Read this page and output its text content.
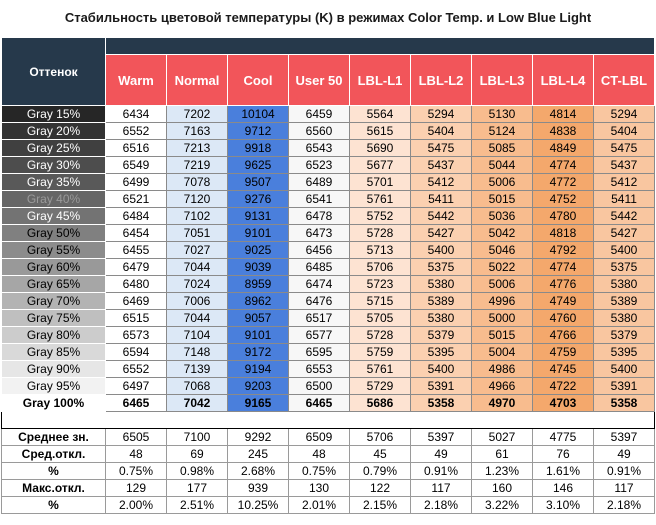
Стабильность цветовой температуры (K) в режимах Color Temp. и Low Blue Light
Оттенок									
	Warm	Normal	Cool	User 50	LBL-L1	LBL-L2	LBL-L3	LBL-L4	CT-LBL
Gray 15%	6434	7202	10104	6459	5564	5294	5130	4814	5294
Gray 20%	6552	7163	9712	6560	5615	5404	5124	4838	5404
Gray 25%	6516	7213	9918	6543	5690	5475	5085	4849	5475
Gray 30%	6549	7219	9625	6523	5677	5437	5044	4774	5437
Gray 35%	6499	7078	9507	6489	5701	5412	5006	4772	5412
Gray 40%	6521	7120	9276	6541	5761	5411	5015	4752	5411
Gray 45%	6484	7102	9131	6478	5752	5442	5036	4780	5442
Gray 50%	6454	7051	9101	6473	5728	5427	5042	4818	5427
Gray 55%	6455	7027	9025	6456	5713	5400	5046	4792	5400
Gray 60%	6479	7044	9039	6485	5706	5375	5022	4774	5375
Gray 65%	6480	7024	8959	6474	5723	5380	5006	4776	5380
Gray 70%	6469	7006	8962	6476	5715	5389	4996	4749	5389
Gray 75%	6515	7044	9057	6517	5705	5380	5000	4760	5380
Gray 80%	6573	7104	9101	6577	5728	5379	5015	4766	5379
Gray 85%	6594	7148	9172	6595	5759	5395	5004	4759	5395
Gray 90%	6552	7139	9194	6553	5761	5400	4986	4745	5400
Gray 95%	6497	7068	9203	6500	5729	5391	4966	4722	5391
Gray 100%	6465	7042	9165	6465	5686	5358	4970	4703	5358

Среднее зн.	6505	7100	9292	6509	5706	5397	5027	4775	5397
Сред.откл.	48	69	245	48	45	49	61	76	49
%	0.75%	0.98%	2.68%	0.75%	0.79%	0.91%	1.23%	1.61%	0.91%
Макс.откл.	129	177	939	130	122	117	160	146	117
%	2.00%	2.51%	10.25%	2.01%	2.15%	2.18%	3.22%	3.10%	2.18%
